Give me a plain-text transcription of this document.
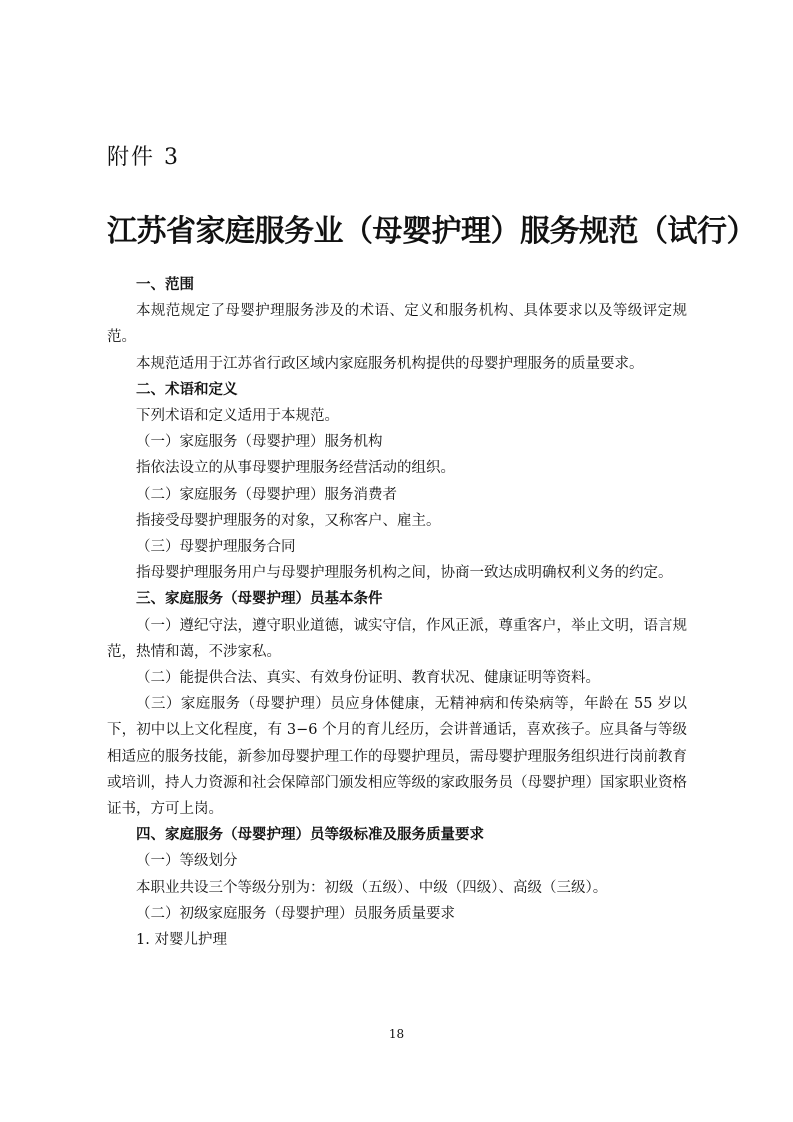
附件 3
江苏省家庭服务业（母婴护理）服务规范（试行）

一、范围

本规范规定了母婴护理服务涉及的术语、定义和服务机构、具体要求以及等级评定规范。

本规范适用于江苏省行政区域内家庭服务机构提供的母婴护理服务的质量要求。

二、术语和定义

下列术语和定义适用于本规范。

（一）家庭服务（母婴护理）服务机构

指依法设立的从事母婴护理服务经营活动的组织。

（二）家庭服务（母婴护理）服务消费者

指接受母婴护理服务的对象，又称客户、雇主。

（三）母婴护理服务合同

指母婴护理服务用户与母婴护理服务机构之间，协商一致达成明确权利义务的约定。

三、家庭服务（母婴护理）员基本条件

（一）遵纪守法，遵守职业道德，诚实守信，作风正派，尊重客户，举止文明，语言规范，热情和蔼，不涉家私。

（二）能提供合法、真实、有效身份证明、教育状况、健康证明等资料。

（三）家庭服务（母婴护理）员应身体健康，无精神病和传染病等，年龄在 55 岁以下，初中以上文化程度，有 3−6 个月的育儿经历，会讲普通话，喜欢孩子。应具备与等级相适应的服务技能，新参加母婴护理工作的母婴护理员，需母婴护理服务组织进行岗前教育或培训，持人力资源和社会保障部门颁发相应等级的家政服务员（母婴护理）国家职业资格证书，方可上岗。

四、家庭服务（母婴护理）员等级标准及服务质量要求

（一）等级划分

本职业共设三个等级分别为：初级（五级）、中级（四级）、高级（三级）。

（二）初级家庭服务（母婴护理）员服务质量要求

1. 对婴儿护理

18
